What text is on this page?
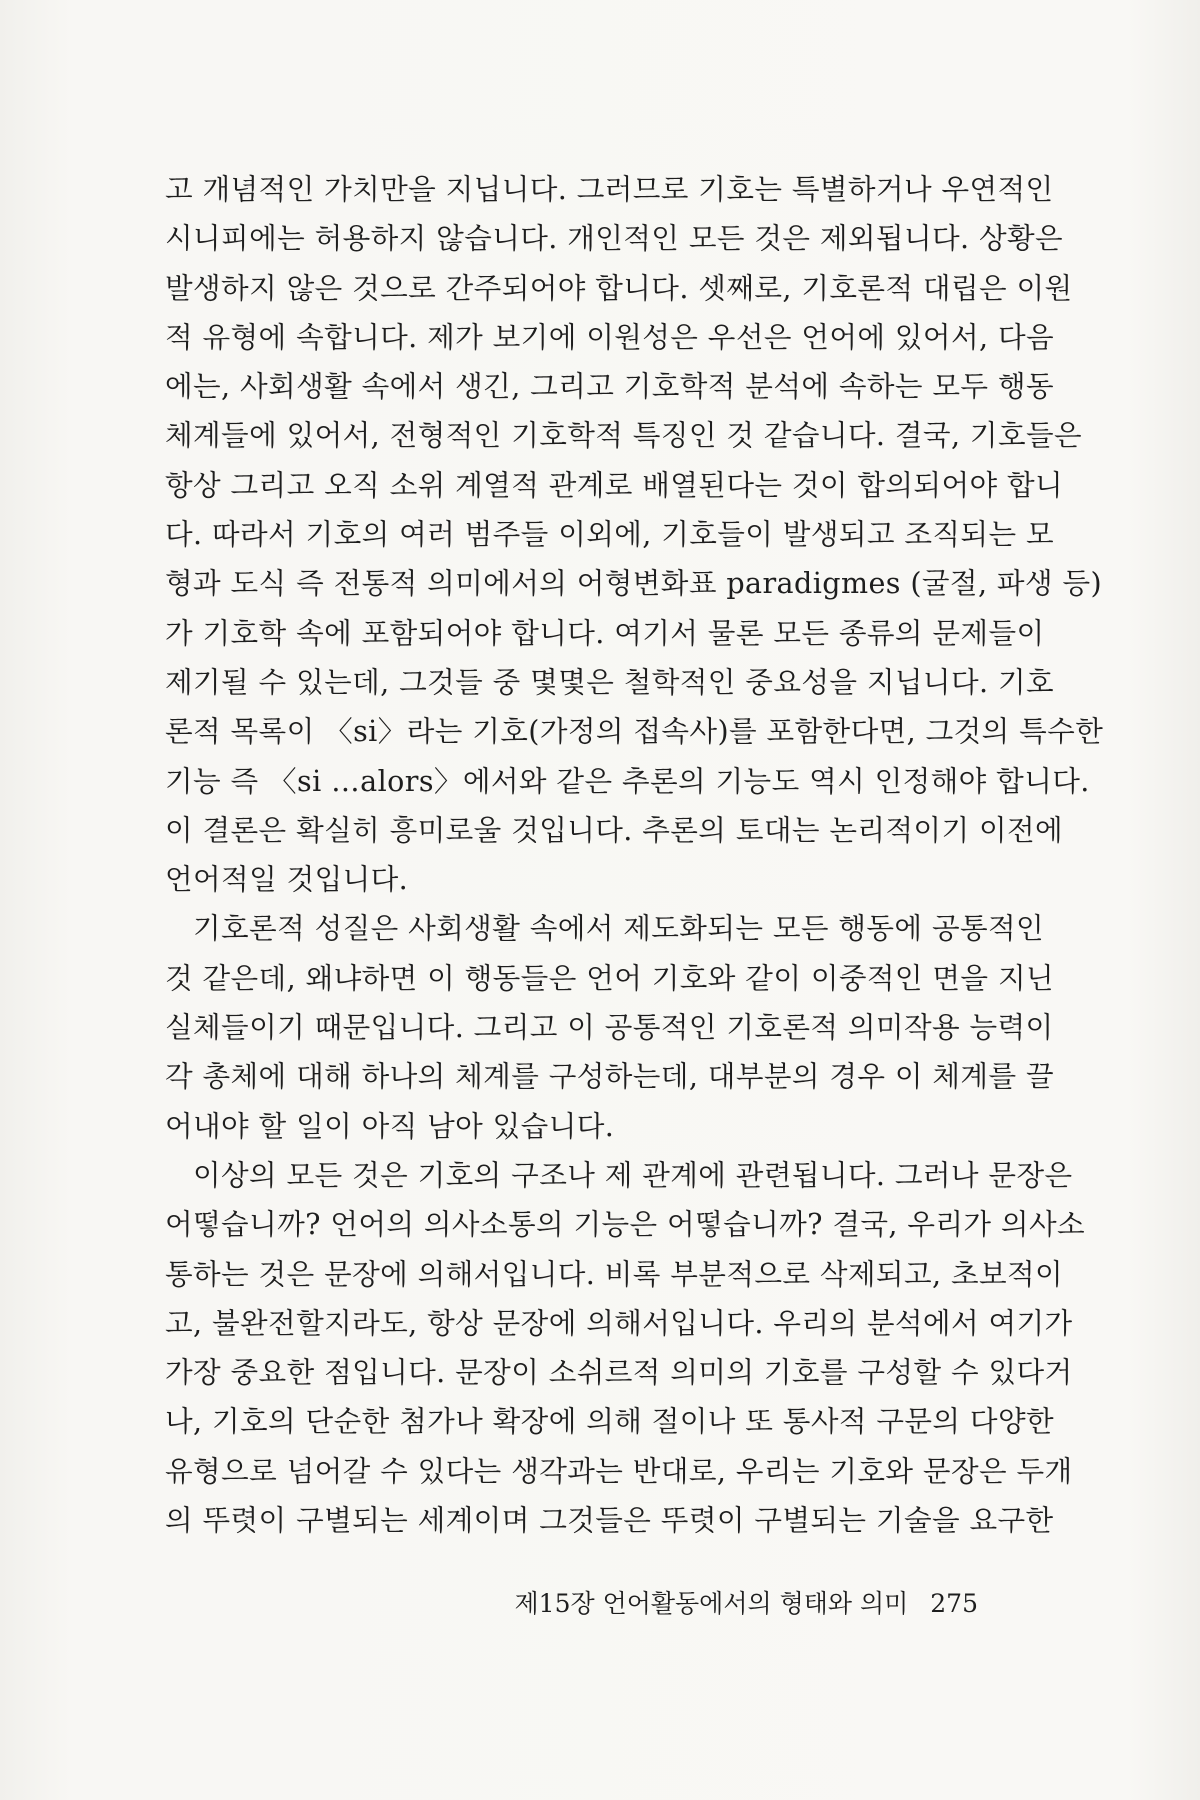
고 개념적인 가치만을 지닙니다. 그러므로 기호는 특별하거나 우연적인
시니피에는 허용하지 않습니다. 개인적인 모든 것은 제외됩니다. 상황은
발생하지 않은 것으로 간주되어야 합니다. 셋째로, 기호론적 대립은 이원
적 유형에 속합니다. 제가 보기에 이원성은 우선은 언어에 있어서, 다음
에는, 사회생활 속에서 생긴, 그리고 기호학적 분석에 속하는 모두 행동
체계들에 있어서, 전형적인 기호학적 특징인 것 같습니다. 결국, 기호들은
항상 그리고 오직 소위 계열적 관계로 배열된다는 것이 합의되어야 합니
다. 따라서 기호의 여러 범주들 이외에, 기호들이 발생되고 조직되는 모
형과 도식 즉 전통적 의미에서의 어형변화표 paradigmes (굴절, 파생 등)
가 기호학 속에 포함되어야 합니다. 여기서 물론 모든 종류의 문제들이
제기될 수 있는데, 그것들 중 몇몇은 철학적인 중요성을 지닙니다. 기호
론적 목록이 〈si〉라는 기호(가정의 접속사)를 포함한다면, 그것의 특수한
기능 즉 〈si …alors〉에서와 같은 추론의 기능도 역시 인정해야 합니다.
이 결론은 확실히 흥미로울 것입니다. 추론의 토대는 논리적이기 이전에
언어적일 것입니다.
기호론적 성질은 사회생활 속에서 제도화되는 모든 행동에 공통적인
것 같은데, 왜냐하면 이 행동들은 언어 기호와 같이 이중적인 면을 지닌
실체들이기 때문입니다. 그리고 이 공통적인 기호론적 의미작용 능력이
각 총체에 대해 하나의 체계를 구성하는데, 대부분의 경우 이 체계를 끌
어내야 할 일이 아직 남아 있습니다.
이상의 모든 것은 기호의 구조나 제 관계에 관련됩니다. 그러나 문장은
어떻습니까? 언어의 의사소통의 기능은 어떻습니까? 결국, 우리가 의사소
통하는 것은 문장에 의해서입니다. 비록 부분적으로 삭제되고, 초보적이
고, 불완전할지라도, 항상 문장에 의해서입니다. 우리의 분석에서 여기가
가장 중요한 점입니다. 문장이 소쉬르적 의미의 기호를 구성할 수 있다거
나, 기호의 단순한 첨가나 확장에 의해 절이나 또 통사적 구문의 다양한
유형으로 넘어갈 수 있다는 생각과는 반대로, 우리는 기호와 문장은 두개
의 뚜렷이 구별되는 세계이며 그것들은 뚜렷이 구별되는 기술을 요구한
제15장 언어활동에서의 형태와 의미 275
